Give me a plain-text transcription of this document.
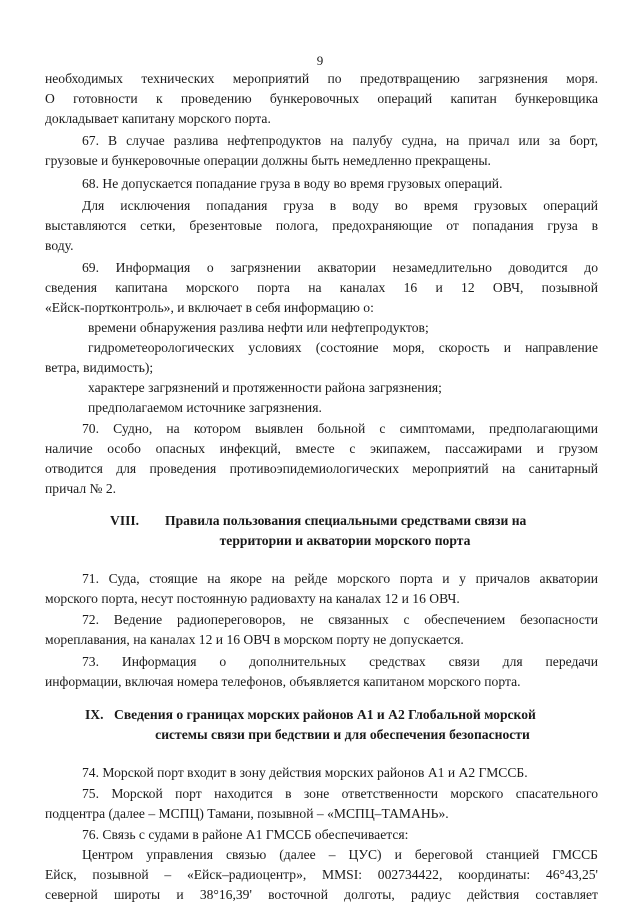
9
необходимых технических мероприятий по предотвращению загрязнения моря.
О готовности к проведению бункеровочных операций капитан бункеровщика
докладывает капитану морского порта.
67. В случае разлива нефтепродуктов на палубу судна, на причал или за борт,
грузовые и бункеровочные операции должны быть немедленно прекращены.
68. Не допускается попадание груза в воду во время грузовых операций.
Для исключения попадания груза в воду во время грузовых операций
выставляются сетки, брезентовые полога, предохраняющие от попадания груза в
воду.
69. Информация о загрязнении акватории незамедлительно доводится до
сведения капитана морского порта на каналах 16 и 12 ОВЧ, позывной
«Ейск-портконтроль», и включает в себя информацию о:
времени обнаружения разлива нефти или нефтепродуктов;
гидрометеорологических условиях (состояние моря, скорость и направление
ветра, видимость);
характере загрязнений и протяженности района загрязнения;
предполагаемом источнике загрязнения.
70. Судно, на котором выявлен больной с симптомами, предполагающими
наличие особо опасных инфекций, вместе с экипажем, пассажирами и грузом
отводится для проведения противоэпидемиологических мероприятий на санитарный
причал № 2.
VIII. Правила пользования специальными средствами связи на
территории и акватории морского порта
71. Суда, стоящие на якоре на рейде морского порта и у причалов акватории
морского порта, несут постоянную радиовахту на каналах 12 и 16 ОВЧ.
72. Ведение радиопереговоров, не связанных с обеспечением безопасности
мореплавания, на каналах 12 и 16 ОВЧ в морском порту не допускается.
73. Информация о дополнительных средствах связи для передачи
информации, включая номера телефонов, объявляется капитаном морского порта.
IX. Сведения о границах морских районов А1 и А2 Глобальной морской
системы связи при бедствии и для обеспечения безопасности
74. Морской порт входит в зону действия морских районов А1 и А2 ГМССБ.
75. Морской порт находится в зоне ответственности морского спасательного
подцентра (далее – МСПЦ) Тамани, позывной – «МСПЦ–ТАМАНЬ».
76. Связь с судами в районе А1 ГМССБ обеспечивается:
Центром управления связью (далее – ЦУС) и береговой станцией ГМССБ
Ейск, позывной – «Ейск–радиоцентр», MMSI: 002734422, координаты: 46°43,25'
северной широты и 38°16,39' восточной долготы, радиус действия составляет
